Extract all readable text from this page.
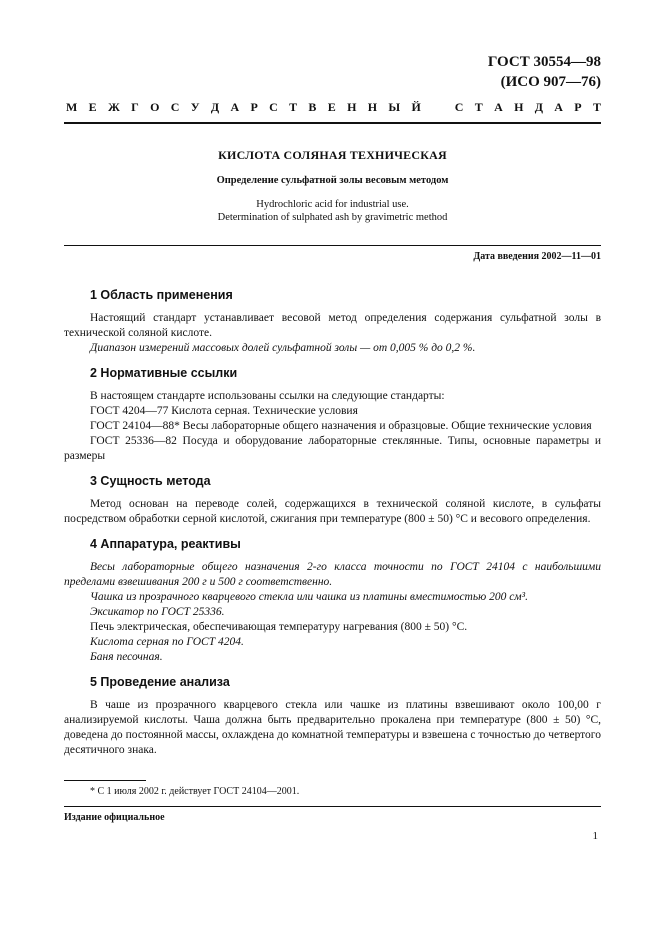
ГОСТ 30554—98
(ИСО 907—76)
М Е Ж Г О С У Д А Р С Т В Е Н Н Ы Й	С Т А Н Д А Р Т
КИСЛОТА СОЛЯНАЯ ТЕХНИЧЕСКАЯ
Определение сульфатной золы весовым методом
Hydrochloric acid for industrial use.
Determination of sulphated ash by gravimetric method
Дата введения 2002—11—01
1 Область применения

Настоящий стандарт устанавливает весовой метод определения содержания сульфатной золы в технической соляной кислоте.

Диапазон измерений массовых долей сульфатной золы — от 0,005 % до 0,2 %.

2 Нормативные ссылки

В настоящем стандарте использованы ссылки на следующие стандарты:

ГОСТ 4204—77 Кислота серная. Технические условия

ГОСТ 24104—88* Весы лабораторные общего назначения и образцовые. Общие технические условия

ГОСТ 25336—82 Посуда и оборудование лабораторные стеклянные. Типы, основные параметры и размеры

3 Сущность метода

Метод основан на переводе солей, содержащихся в технической соляной кислоте, в сульфаты посредством обработки серной кислотой, сжигания при температуре (800 ± 50) °С и весового определения.

4 Аппаратура, реактивы

Весы лабораторные общего назначения 2-го класса точности по ГОСТ 24104 с наибольшими пределами взвешивания 200 г и 500 г соответственно.

Чашка из прозрачного кварцевого стекла или чашка из платины вместимостью 200 см³.

Эксикатор по ГОСТ 25336.

Печь электрическая, обеспечивающая температуру нагревания (800 ± 50) °С.

Кислота серная по ГОСТ 4204.

Баня песочная.

5 Проведение анализа

В чаше из прозрачного кварцевого стекла или чашке из платины взвешивают около 100,00 г анализируемой кислоты. Чаша должна быть предварительно прокалена при температуре (800 ± 50) °С, доведена до постоянной массы, охлаждена до комнатной температуры и взвешена с точностью до четвертого десятичного знака.

* С 1 июля 2002 г. действует ГОСТ 24104—2001.
Издание официальное
1
